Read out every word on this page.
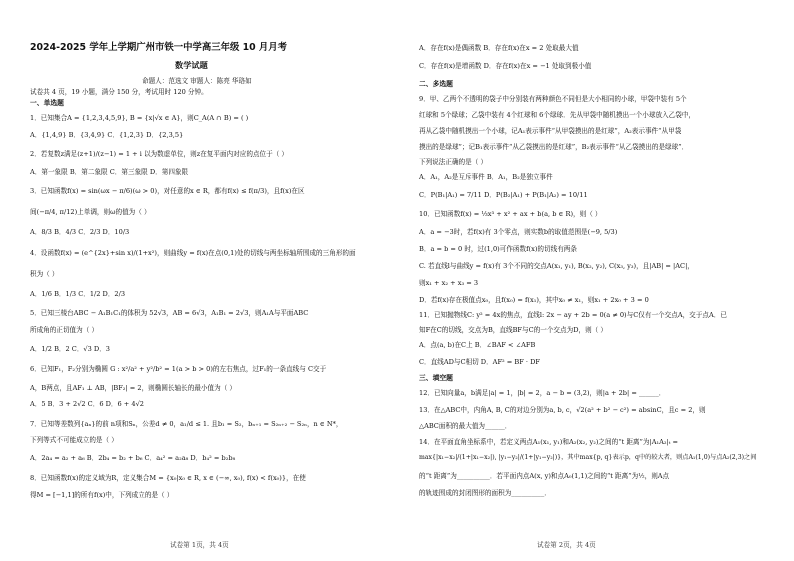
2024-2025 学年上学期广州市铁一中学高三年级 10 月月考
数学试题
命题人：范选文 审题人：陈亮 华珞如
试卷共 4 页，19 小题，满分 150 分，考试用时 120 分钟。
一、单选题
1．已知集合A = {1,2,3,4,5,9}, B = {x|√x ∈ A}，则C_A(A ∩ B) = ( )
A．{1,4,9} B．{3,4,9} C．{1,2,3} D．{2,3,5}
2．若复数z满足(z+1)/(z−1) = 1 + i 以为数虚单位，则z在复平面内对应的点位于（ ）
A．第一象限 B．第二象限 C．第三象限 D．第四象限
3．已知函数f(x) = sin(ωx − π/6)(ω > 0)，对任意的x ∈ R，都有f(x) ≤ f(π/3)，且f(x)在区
间(−π/4, π/12)上单调，则ω的值为（ ）
A．8/3 B．4/3 C．2/3 D．10/3
4．设函数f(x) = (e^{2x}+sin x)/(1+x²)，则曲线y = f(x)在点(0,1)处的切线与两坐标轴所围成的三角形的面
积为（ ）
A．1/6 B．1/3 C．1/2 D．2/3
5．已知三棱台ABC − A₁B₁C₁的体积为 52√3，AB = 6√3，A₁B₁ = 2√3，则A₁A与平面ABC
所成角的正切值为（ ）
A．1/2 B．2 C．√3 D．3
6．已知F₁，F₂分别为椭圆 G : x²/a² + y²/b² = 1(a > b > 0)的左右焦点，过F₁的一条直线与 C交于
A，B两点，且AF₁ ⊥ AB，|BF₂| = 2，则椭圆长轴长的最小值为（ ）
A．5 B．3 + 2√2 C．6 D．6 + 4√2
7．已知等差数列{aₙ}的前 n项和Sₙ，公差d ≠ 0，a₁/d ≤ 1. 且b₁ = S₂，bₙ₊₁ = S₂ₙ₊₂ − S₂ₙ，n ∈ N*，
下列等式不可能成立的是（ ）
A．2a₄ = a₂ + a₆ B．2b₄ = b₂ + b₆ C．a₄² = a₂a₈ D．b₄² = b₂b₈
8．已知函数f(x)的定义域为R，定义集合M = {x₀|x₀ ∈ R, x ∈ (−∞, x₀), f(x) < f(x₀)}，在使
得M = [−1,1]的所有f(x)中，下列成立的是（ ）
试卷第 1页，共 4页
A．存在f(x)是偶函数 B．存在f(x)在x = 2 处取最大值
C．存在f(x)是增函数 D．存在f(x)在x = −1 处取到极小值
二、多选题
9．甲、乙两个不透明的袋子中分别装有两种颜色不同但是大小相同的小球，甲袋中装有 5个
红球和 5个绿球；乙袋中装有 4个红球和 6个绿球．先从甲袋中随机摸出一个小球放入乙袋中，
再从乙袋中随机摸出一个小球，记A₁表示事件“从甲袋摸出的是红球”，A₂表示事件“从甲袋
摸出的是绿球”；记B₁表示事件“从乙袋摸出的是红球”，B₂表示事件“从乙袋摸出的是绿球”．
下列说法正确的是（ ）
A．A₁，A₂是互斥事件 B．A₁，B₂是独立事件
C．P(B₁|A₁) = 7/11 D．P(B₂|A₁) + P(B₁|A₂) = 10/11
10．已知函数f(x) = ⅓x³ + x² + ax + b(a, b ∈ R)，则（ ）
A．a = −3时，若f(x)有 3个零点，则实数b的取值范围是(−9, 5/3)
B．a = b = 0 时，过(1,0)可作函数f(x)的切线有两条
C. 若直线l与曲线y = f(x)有 3个不同的交点A(x₁, y₁), B(x₂, y₂), C(x₃, y₃)，且|AB| = |AC|，
则x₁ + x₂ + x₃ = 3
D．若f(x)存在极值点x₀，且f(x₀) = f(x₁)，其中x₀ ≠ x₁，则x₁ + 2x₀ + 3 = 0
11．已知抛物线C: y² = 4x的焦点，直线l: 2x − ay + 2b = 0(a ≠ 0)与C仅有一个交点A，交于点A．已
知F在C的切线，交点为B，直线BF与C的一个交点为D，则（ ）
A．点(a, b)在C上 B．∠BAF < ∠AFB
C．直线AD与C相切 D．AF² = BF · DF
三、填空题
12．已知向量a，b满足|a| = 1，|b| = 2，a − b = (3,2)，则|a + 2b| = ______．
13．在△ABC中，内角A, B, C的对边分别为a, b, c，√2(a² + b² − c²) = absinC，且c = 2，则
△ABC面积的最大值为______．
14．在平面直角坐标系中，若定义两点A₁(x₁, y₁)和A₂(x₂, y₂)之间的“t 距离”为|A₁A₂|ₜ =
max{|x₁−x₂|/(1+|x₁−x₂|), |y₁−y₂|/(1+|y₁−y₂|)}，其中max{p, q}表示p，q中的较大者，则点A₁(1,0)与点A₂(2,3)之间
的“t 距离”为__________．若平面内点A(x, y)和点A₀(1,1)之间的“t 距离”为½，则A点
的轨迹围成的封闭图形的面积为__________．
试卷第 2页，共 4页
